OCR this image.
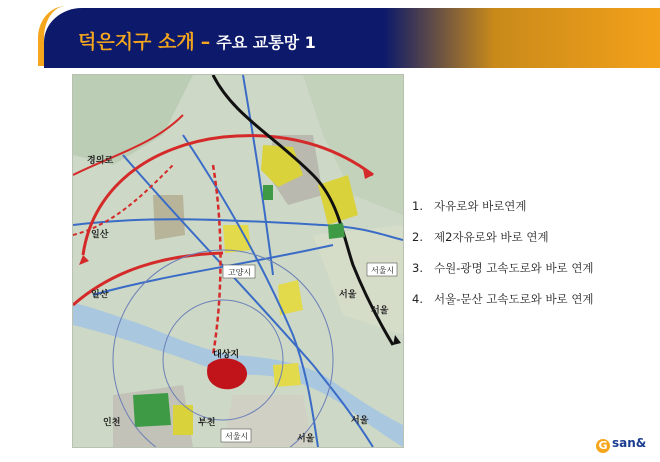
덕은지구 소개 – 주요 교통망 1
경의로
일산
일산
고양시
대상지
인천	부천
서울시
서울시
서울
서울
서울
서울
1. 자유로와 바로연계
2. 제2자유로와 바로 연계
3. 수원-광명 고속도로와 바로 연계
4. 서울-문산 고속도로와 바로 연계
G san&
